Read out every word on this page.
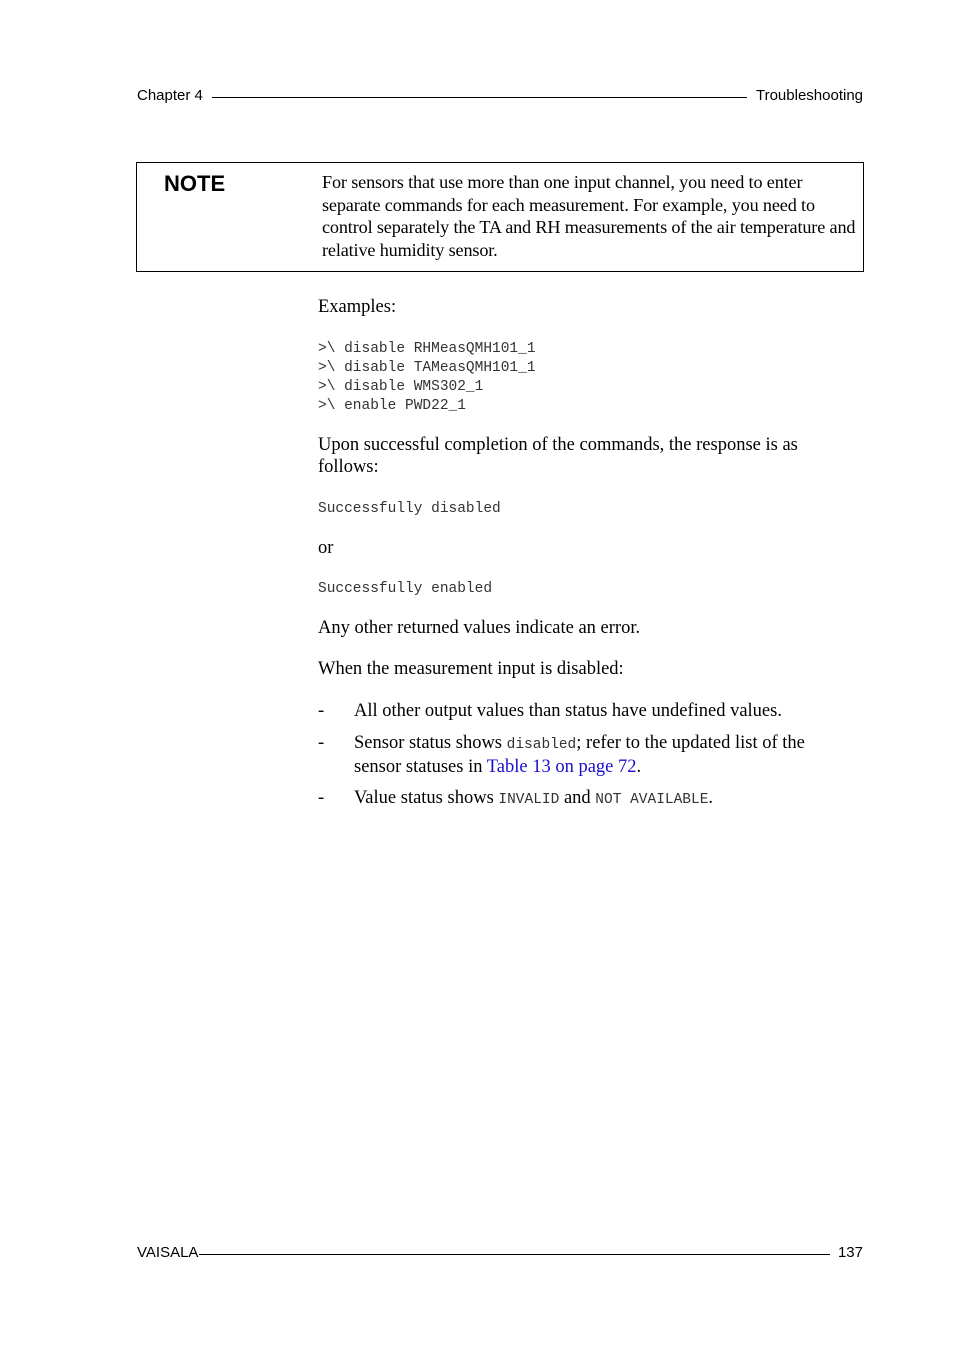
Chapter 4	Troubleshooting
NOTE	For sensors that use more than one input channel, you need to enter separate commands for each measurement. For example, you need to control separately the TA and RH measurements of the air temperature and relative humidity sensor.
Examples:
>\ disable RHMeasQMH101_1
>\ disable TAMeasQMH101_1
>\ disable WMS302_1
>\ enable PWD22_1
Upon successful completion of the commands, the response is as follows:
Successfully disabled
or
Successfully enabled
Any other returned values indicate an error.
When the measurement input is disabled:
- All other output values than status have undefined values.
- Sensor status shows disabled; refer to the updated list of the sensor statuses in Table 13 on page 72.
- Value status shows INVALID and NOT AVAILABLE.
VAISALA	137
